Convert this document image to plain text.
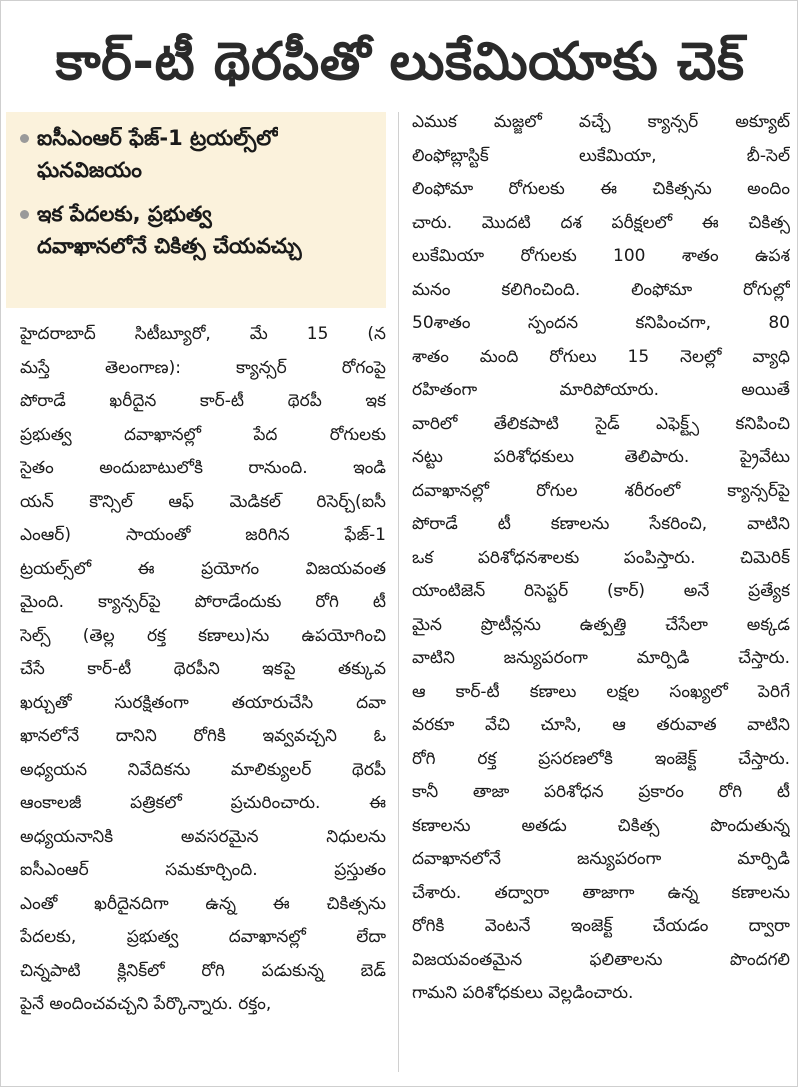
కార్-టీ థెరపీతో లుకేమియాకు చెక్
ఐసీఎంఆర్ ఫేజ్-1 ట్రయల్స్‌లో
ఘనవిజయం
ఇక పేదలకు, ప్రభుత్వ
దవాఖానలోనే చికిత్స చేయవచ్చు
హైదరాబాద్ సిటీబ్యూరో, మే 15 (న
మస్తే తెలంగాణ): క్యాన్సర్ రోగంపై
పోరాడే ఖరీదైన కార్-టీ థెరపీ ఇక
ప్రభుత్వ దవాఖానల్లో పేద రోగులకు
సైతం అందుబాటులోకి రానుంది. ఇండి
యన్ కౌన్సిల్ ఆఫ్ మెడికల్ రిసెర్చ్(ఐసీ
ఎంఆర్) సాయంతో జరిగిన ఫేజ్-1
ట్రయల్స్‌లో ఈ ప్రయోగం విజయవంత
మైంది. క్యాన్సర్‌పై పోరాడేందుకు రోగి టీ
సెల్స్ (తెల్ల రక్త కణాలు)ను ఉపయోగించి
చేసే కార్-టీ థెరపీని ఇకపై తక్కువ
ఖర్చుతో సురక్షితంగా తయారుచేసి దవా
ఖానలోనే దానిని రోగికి ఇవ్వవచ్చని ఓ
అధ్యయన నివేదికను మాలిక్యులర్ థెరపీ
ఆంకాలజీ పత్రికలో ప్రచురించారు. ఈ
అధ్యయనానికి అవసరమైన నిధులను
ఐసీఎంఆర్ సమకూర్చింది. ప్రస్తుతం
ఎంతో ఖరీదైనదిగా ఉన్న ఈ చికిత్సను
పేదలకు, ప్రభుత్వ దవాఖానల్లో లేదా
చిన్నపాటి క్లినిక్‌లో రోగి పడుకున్న బెడ్
పైనే అందించవచ్చని పేర్కొన్నారు. రక్తం,
ఎముక మజ్జలో వచ్చే క్యాన్సర్ అక్యూట్
లింఫోబ్లాస్టిక్ లుకేమియా, బీ-సెల్
లింఫోమా రోగులకు ఈ చికిత్సను అందిం
చారు. మొదటి దశ పరీక్షలలో ఈ చికిత్స
లుకేమియా రోగులకు 100 శాతం ఉపశ
మనం కలిగించింది. లింఫోమా రోగుల్లో
50శాతం స్పందన కనిపించగా, 80
శాతం మంది రోగులు 15 నెలల్లో వ్యాధి
రహితంగా మారిపోయారు. అయితే
వారిలో తేలికపాటి సైడ్ ఎఫెక్ట్స్ కనిపించి
నట్టు పరిశోధకులు తెలిపారు. ప్రైవేటు
దవాఖానల్లో రోగుల శరీరంలో క్యాన్సర్‌పై
పోరాడే టీ కణాలను సేకరించి, వాటిని
ఒక పరిశోధనశాలకు పంపిస్తారు. చిమెరిక్
యాంటిజెన్ రిసెప్టర్ (కార్) అనే ప్రత్యేక
మైన ప్రొటీన్లను ఉత్పత్తి చేసేలా అక్కడ
వాటిని జన్యుపరంగా మార్పిడి చేస్తారు.
ఆ కార్-టీ కణాలు లక్షల సంఖ్యలో పెరిగే
వరకూ వేచి చూసి, ఆ తరువాత వాటిని
రోగి రక్త ప్రసరణలోకి ఇంజెక్ట్ చేస్తారు.
కానీ తాజా పరిశోధన ప్రకారం రోగి టీ
కణాలను అతడు చికిత్స పొందుతున్న
దవాఖానలోనే జన్యుపరంగా మార్పిడి
చేశారు. తద్వారా తాజాగా ఉన్న కణాలను
రోగికి వెంటనే ఇంజెక్ట్ చేయడం ద్వారా
విజయవంతమైన ఫలితాలను పొందగలి
గామని పరిశోధకులు వెల్లడించారు.
